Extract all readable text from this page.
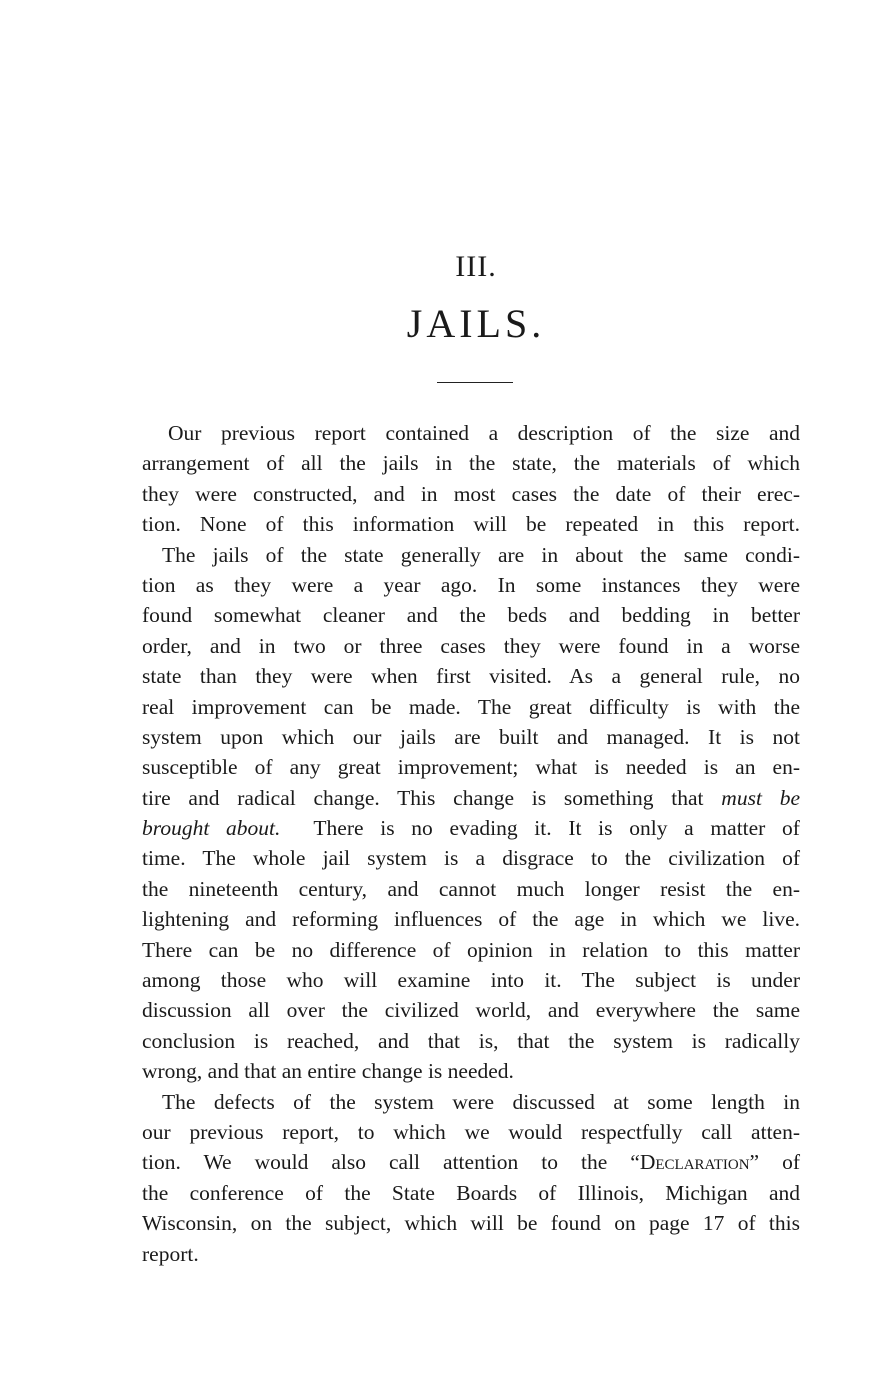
III.
JAILS.
Our previous report contained a description of the size and
arrangement of all the jails in the state, the materials of which
they were constructed, and in most cases the date of their erec-
tion. None of this information will be repeated in this report.
The jails of the state generally are in about the same condi-
tion as they were a year ago. In some instances they were
found somewhat cleaner and the beds and bedding in better
order, and in two or three cases they were found in a worse
state than they were when first visited. As a general rule, no
real improvement can be made. The great difficulty is with the
system upon which our jails are built and managed. It is not
susceptible of any great improvement; what is needed is an en-
tire and radical change. This change is something that must be
brought about. There is no evading it. It is only a matter of
time. The whole jail system is a disgrace to the civilization of
the nineteenth century, and cannot much longer resist the en-
lightening and reforming influences of the age in which we live.
There can be no difference of opinion in relation to this matter
among those who will examine into it. The subject is under
discussion all over the civilized world, and everywhere the same
conclusion is reached, and that is, that the system is radically
wrong, and that an entire change is needed.
The defects of the system were discussed at some length in
our previous report, to which we would respectfully call atten-
tion. We would also call attention to the “Declaration” of
the conference of the State Boards of Illinois, Michigan and
Wisconsin, on the subject, which will be found on page 17 of this
report.
